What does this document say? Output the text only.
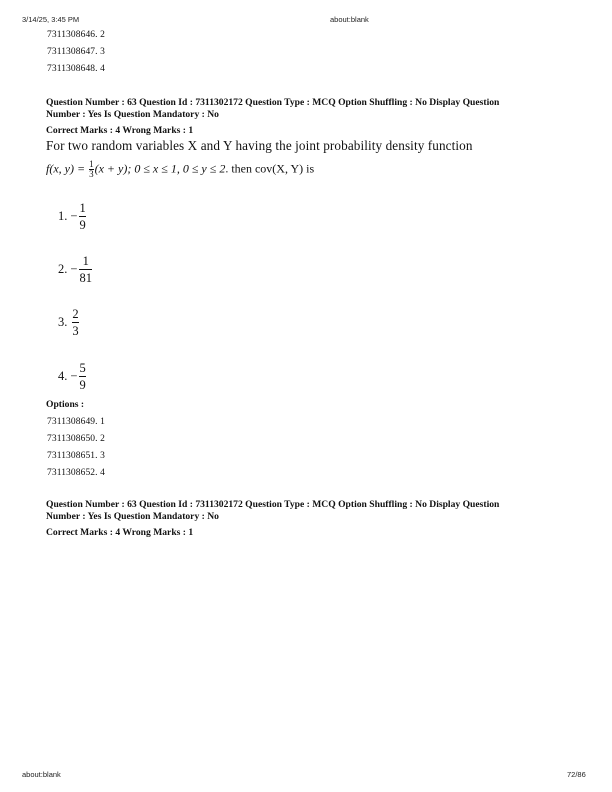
3/14/25, 3:45 PM	about:blank
7311308646. 2
7311308647. 3
7311308648. 4
Question Number : 63 Question Id : 7311302172 Question Type : MCQ Option Shuffling : No Display Question
Number : Yes Is Question Mandatory : No
Correct Marks : 4 Wrong Marks : 1
For two random variables X and Y having the joint probability density function
f(x, $y) = \frac{1}{3} (x + y)$; 0 ≤ x ≤ 1, 0 ≤ y ≤ 2. then cov(X, Y) is
1. −
1
9
2. −
1
81
3.
2
3
4. −
5
9
Options :
7311308649. 1
7311308650. 2
7311308651. 3
7311308652. 4
Question Number : 63 Question Id : 7311302172 Question Type : MCQ Option Shuffling : No Display Question
Number : Yes Is Question Mandatory : No
Correct Marks : 4 Wrong Marks : 1
about:blank	72/86
